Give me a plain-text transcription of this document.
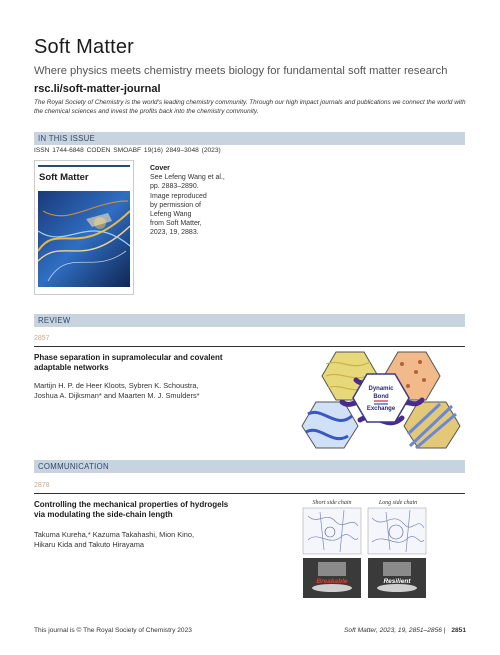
Soft Matter
Where physics meets chemistry meets biology for fundamental soft matter research
rsc.li/soft-matter-journal
The Royal Society of Chemistry is the world's leading chemistry community. Through our high impact journals and publications we connect the world with the chemical sciences and invest the profits back into the chemistry community.
IN THIS ISSUE
ISSN 1744-6848 CODEN SMOABF 19(16) 2849–3048 (2023)
Soft Matter
Cover
See Lefeng Wang et al.,
pp. 2883–2890.
Image reproduced
by permission of
Lefeng Wang
from Soft Matter,
2023, 19, 2883.
REVIEW
2857
Phase separation in supramolecular and covalent
adaptable networks
Martijn H. P. de Heer Kloots, Sybren K. Schoustra,
Joshua A. Dijksman* and Maarten M. J. Smulders*
Dynamic
Bond
Exchange
COMMUNICATION
2878
Controlling the mechanical properties of hydrogels
via modulating the side-chain length
Takuma Kureha,* Kazuma Takahashi, Mion Kino,
Hikaru Kida and Takuto Hirayama
Short side chain	Long side chain
Breakable	Resilient
This journal is © The Royal Society of Chemistry 2023	Soft Matter, 2023, 19, 2851–2856 | 2851
